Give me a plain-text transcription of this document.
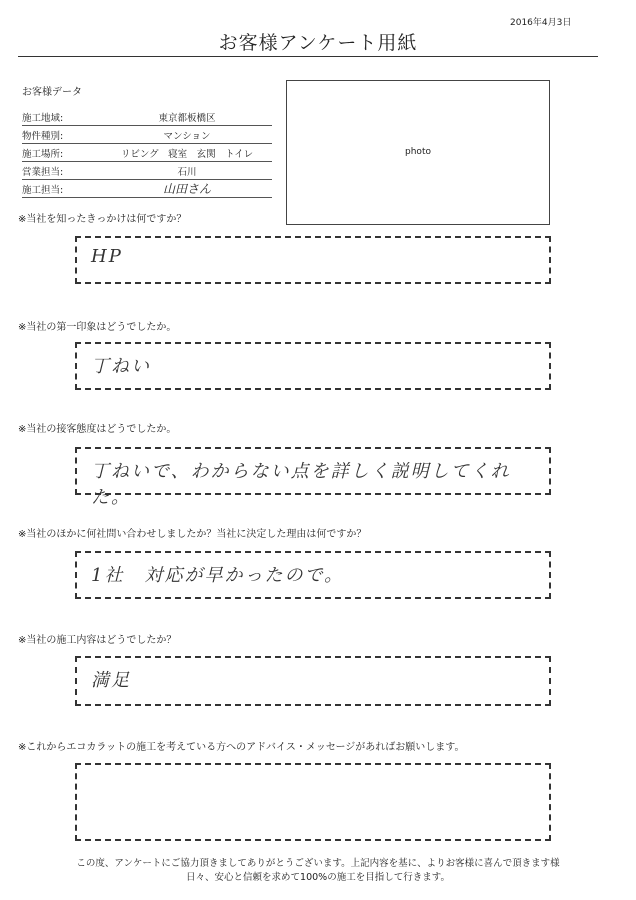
2016年4月3日
お客様アンケート用紙
お客様データ
施工地域:	東京都板橋区
物件種別:	マンション
施工場所:	リビング　寝室　玄関　トイレ
営業担当:	石川
施工担当:	山田さん
photo
※当社を知ったきっかけは何ですか？
HP
※当社の第一印象はどうでしたか。
丁ねい
※当社の接客態度はどうでしたか。
丁ねいで、わからない点を詳しく説明してくれた。
※当社のほかに何社問い合わせしましたか？当社に決定した理由は何ですか？
1社　対応が早かったので。
※当社の施工内容はどうでしたか？
満足
※これからエコカラットの施工を考えている方へのアドバイス・メッセージがあればお願いします。
この度、アンケートにご協力頂きましてありがとうございます。上記内容を基に、よりお客様に喜んで頂きます様
日々、安心と信頼を求めて100%の施工を目指して行きます。
